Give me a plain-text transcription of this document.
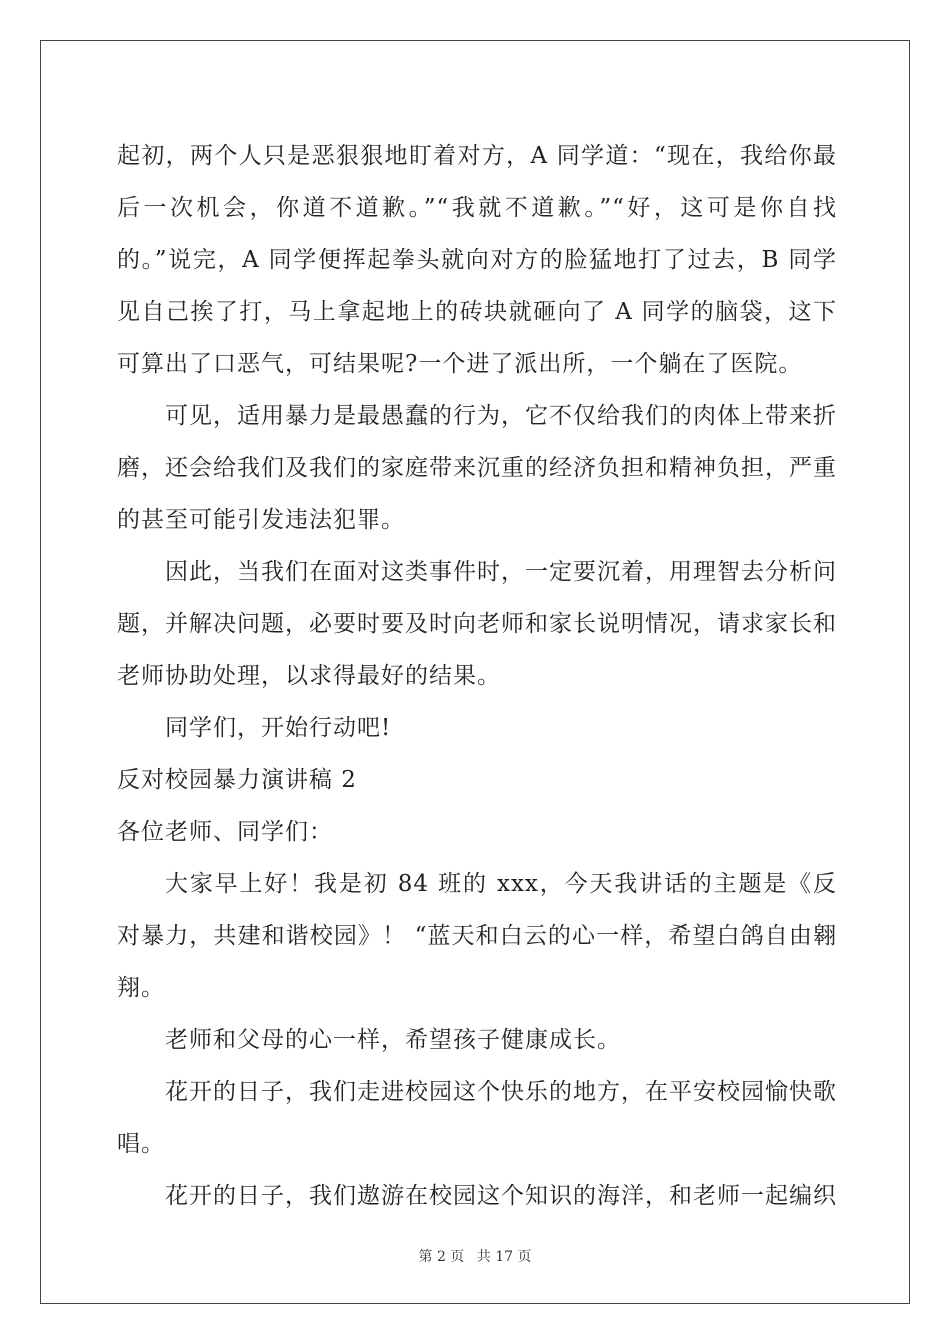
起初，两个人只是恶狠狠地盯着对方，A 同学道：“现在，我给你最后一次机会，你道不道歉。”“我就不道歉。”“好，这可是你自找的。”说完，A 同学便挥起拳头就向对方的脸猛地打了过去，B 同学见自己挨了打，马上拿起地上的砖块就砸向了 A 同学的脑袋，这下可算出了口恶气，可结果呢?一个进了派出所，一个躺在了医院。

可见，适用暴力是最愚蠢的行为，它不仅给我们的肉体上带来折磨，还会给我们及我们的家庭带来沉重的经济负担和精神负担，严重的甚至可能引发违法犯罪。

因此，当我们在面对这类事件时，一定要沉着，用理智去分析问题，并解决问题，必要时要及时向老师和家长说明情况，请求家长和老师协助处理，以求得最好的结果。

同学们，开始行动吧!

反对校园暴力演讲稿 2

各位老师、同学们：

大家早上好！我是初 84 班的 xxx，今天我讲话的主题是《反对暴力，共建和谐校园》！ “蓝天和白云的心一样，希望白鸽自由翱翔。

老师和父母的心一样，希望孩子健康成长。

花开的日子，我们走进校园这个快乐的地方，在平安校园愉快歌唱。

花开的日子，我们遨游在校园这个知识的海洋，和老师一起编织

第 2 页 共 17 页
